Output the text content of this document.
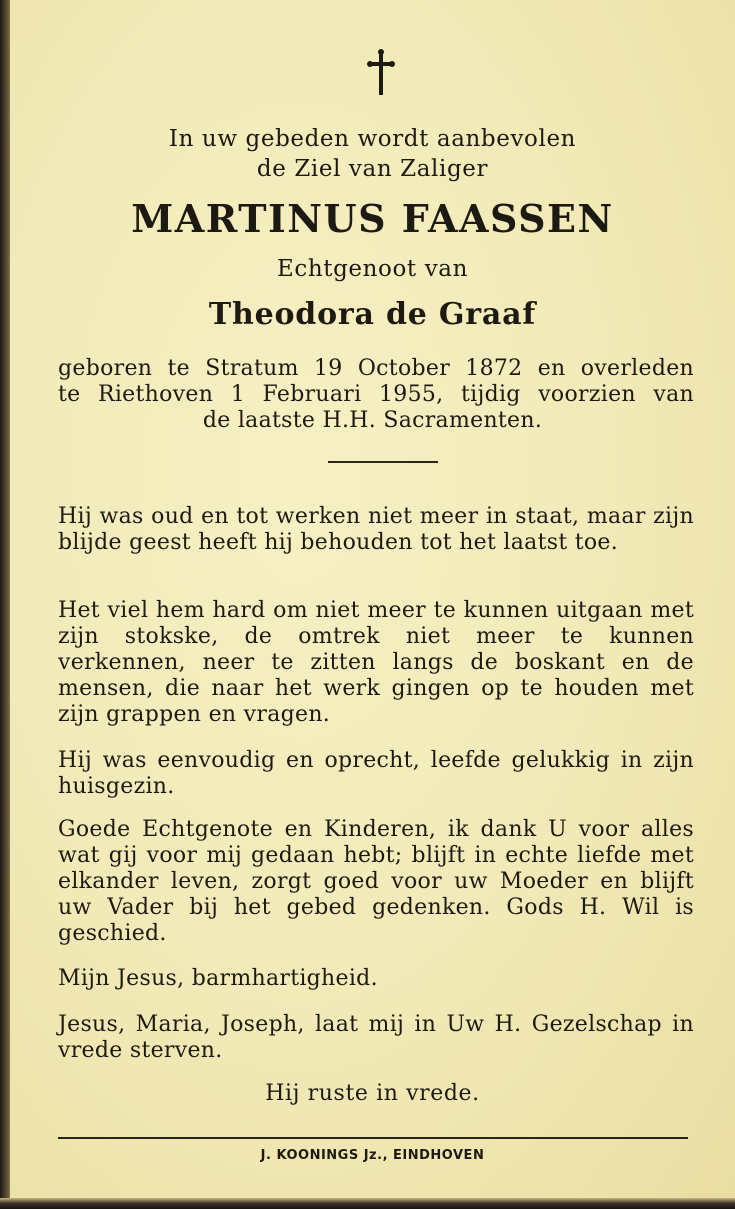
In uw gebeden wordt aanbevolen
de Ziel van Zaliger
MARTINUS FAASSEN
Echtgenoot van
Theodora de Graaf
geboren te Stratum 19 October 1872 en overleden
te Riethoven 1 Februari 1955, tijdig voorzien van
de laatste H.H. Sacramenten.
Hij was oud en tot werken niet meer in staat, maar zijn blijde geest heeft hij behouden tot het laatst toe.
Het viel hem hard om niet meer te kunnen uitgaan met zijn stokske, de omtrek niet meer te kunnen verkennen, neer te zitten langs de boskant en de mensen, die naar het werk gingen op te houden met zijn grappen en vragen.
Hij was eenvoudig en oprecht, leefde gelukkig in zijn huisgezin.
Goede Echtgenote en Kinderen, ik dank U voor alles wat gij voor mij gedaan hebt; blijft in echte liefde met elkander leven, zorgt goed voor uw Moeder en blijft uw Vader bij het gebed gedenken. Gods H. Wil is geschied.
Mijn Jesus, barmhartigheid.
Jesus, Maria, Joseph, laat mij in Uw H. Gezelschap in vrede sterven.
Hij ruste in vrede.
J. KOONINGS Jz., EINDHOVEN
